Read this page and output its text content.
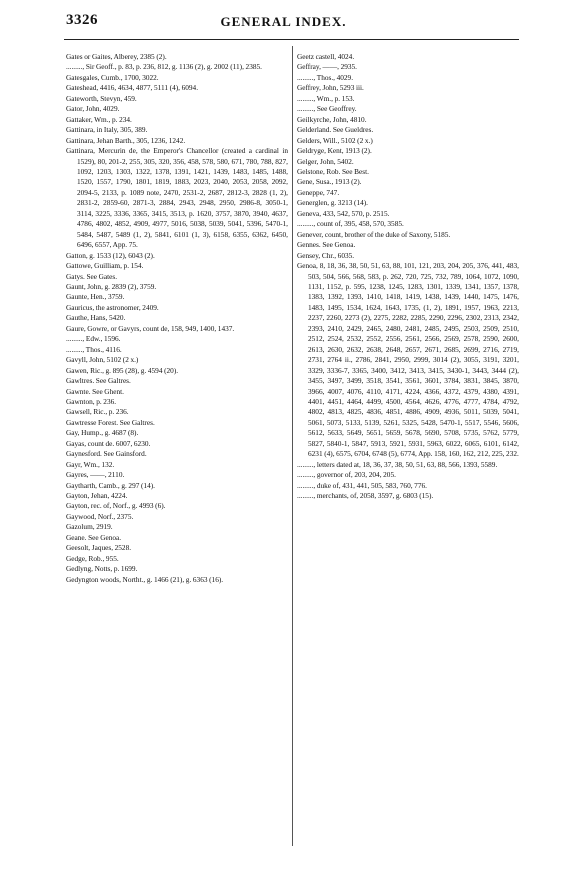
3326	GENERAL INDEX.
Gates or Gaites, Alberey, 2385 (2).
........., Sir Geoff., p. 83, p. 236, 812, g. 1136 (2), g. 2002 (11), 2385.
Gatesgales, Cumb., 1700, 3022.
Gateshead, 4416, 4634, 4877, 5111 (4), 6094.
Gateworth, Stevyn, 459.
Gator, John, 4029.
Gattaker, Wm., p. 234.
Gattinara, in Italy, 305, 389.
Gattinara, Jehan Barth., 305, 1236, 1242.
Gattinara, Mercurin de, the Emperor's Chancellor (created a cardinal in 1529), 80, 201-2, 255, 305, 320, 356, 458, 578, 580, 671, 780, 788, 827, 1092, 1203, 1303, 1322, 1378, 1391, 1421, 1439, 1483, 1485, 1488, 1520, 1557, 1790, 1801, 1819, 1883, 2023, 2040, 2053, 2058, 2092, 2094-5, 2133, p. 1089 note, 2470, 2531-2, 2687, 2812-3, 2828 (1, 2), 2831-2, 2859-60, 2871-3, 2884, 2943, 2948, 2950, 2986-8, 3050-1, 3114, 3225, 3336, 3365, 3415, 3513, p. 1620, 3757, 3870, 3940, 4637, 4786, 4802, 4852, 4909, 4977, 5016, 5038, 5039, 5041, 5396, 5470-1, 5484, 5487, 5489 (1, 2), 5841, 6101 (1, 3), 6158, 6355, 6362, 6450, 6496, 6557, App. 75.
Gatton, g. 1533 (12), 6043 (2).
Gattowe, Guilliam, p. 154.
Gatys. See Gates.
Gaunt, John, g. 2839 (2), 3759.
Gaunte, Hen., 3759.
Gauricus, the astronomer, 2409.
Gauthe, Hans, 5420.
Gaure, Gowre, or Gavyrs, count de, 158, 949, 1400, 1437.
........., Edw., 1596.
........., Thos., 4116.
Gavyll, John, 5102 (2 x.)
Gawen, Ric., g. 895 (28), g. 4594 (20).
Gawltres. See Galtres.
Gawnte. See Ghent.
Gawnton, p. 236.
Gawsell, Ric., p. 236.
Gawtresse Forest. See Galtres.
Gay, Hump., g. 4687 (8).
Gayas, count de. 6007, 6230.
Gaynesford. See Gainsford.
Gayr, Wm., 132.
Gayres, ——, 2110.
Gaytharth, Camb., g. 297 (14).
Gayton, Jehan, 4224.
Gayton, rec. of, Norf., g. 4993 (6).
Gaywood, Norf., 2375.
Gazolum, 2919.
Geane. See Genoa.
Geesolt, Jaques, 2528.
Gedge, Rob., 955.
Gedlyng, Notts, p. 1699.
Gedyngton woods, Northt., g. 1466 (21), g. 6363 (16).
Geetz castell, 4024.
Geffray, ——, 2935.
........., Thos., 4029.
Geffrey, John, 5293 iii.
........., Wm., p. 153.
........., See Geoffrey.
Geilkyrche, John, 4810.
Gelderland. See Gueldres.
Gelders, Will., 5102 (2 x.)
Geldryge, Kent, 1913 (2).
Gelger, John, 5402.
Gelstone, Rob. See Best.
Gene, Susa., 1913 (2).
Geneppe, 747.
Generglen, g. 3213 (14).
Geneva, 433, 542, 570, p. 2515.
........., count of, 395, 458, 570, 3585.
Genever, count, brother of the duke of Saxony, 5185.
Gennes. See Genoa.
Gensey, Chr., 6035.
Genoa, 8, 18, 36, 38, 50, 51, 63, 88, 101, 121, 203, 204, 205, 376, 441, 483, 503, 504, 566, 568, 583, p. 262, 720, 725, 732, 789, 1064, 1072, 1090, 1131, 1152, p. 595, 1238, 1245, 1283, 1301, 1339, 1341, 1357, 1378, 1383, 1392, 1393, 1410, 1418, 1419, 1438, 1439, 1440, 1475, 1476, 1483, 1495, 1534, 1624, 1643, 1735, (1, 2), 1891, 1957, 1963, 2213, 2237, 2260, 2273 (2), 2275, 2282, 2285, 2290, 2296, 2302, 2313, 2342, 2393, 2410, 2429, 2465, 2480, 2481, 2485, 2495, 2503, 2509, 2510, 2512, 2524, 2532, 2552, 2556, 2561, 2566, 2569, 2578, 2590, 2600, 2613, 2630, 2632, 2638, 2648, 2657, 2671, 2685, 2699, 2716, 2719, 2731, 2764 ii., 2786, 2841, 2950, 2999, 3014 (2), 3055, 3191, 3201, 3329, 3336-7, 3365, 3400, 3412, 3413, 3415, 3430-1, 3443, 3444 (2), 3455, 3497, 3499, 3518, 3541, 3561, 3601, 3784, 3831, 3845, 3870, 3966, 4007, 4076, 4110, 4171, 4224, 4366, 4372, 4379, 4380, 4391, 4401, 4451, 4464, 4499, 4500, 4564, 4626, 4776, 4777, 4784, 4792, 4802, 4813, 4825, 4836, 4851, 4886, 4909, 4936, 5011, 5039, 5041, 5061, 5073, 5133, 5139, 5261, 5325, 5428, 5470-1, 5517, 5546, 5606, 5612, 5633, 5649, 5651, 5659, 5678, 5690, 5708, 5735, 5762, 5779, 5827, 5840-1, 5847, 5913, 5921, 5931, 5963, 6022, 6065, 6101, 6142, 6231 (4), 6575, 6704, 6748 (5), 6774, App. 158, 160, 162, 212, 225, 232.
........., letters dated at, 18, 36, 37, 38, 50, 51, 63, 88, 566, 1393, 5589.
........., governor of, 203, 204, 205.
........., duke of, 431, 441, 505, 583, 760, 776.
........., merchants, of, 2058, 3597, g. 6803 (15).
